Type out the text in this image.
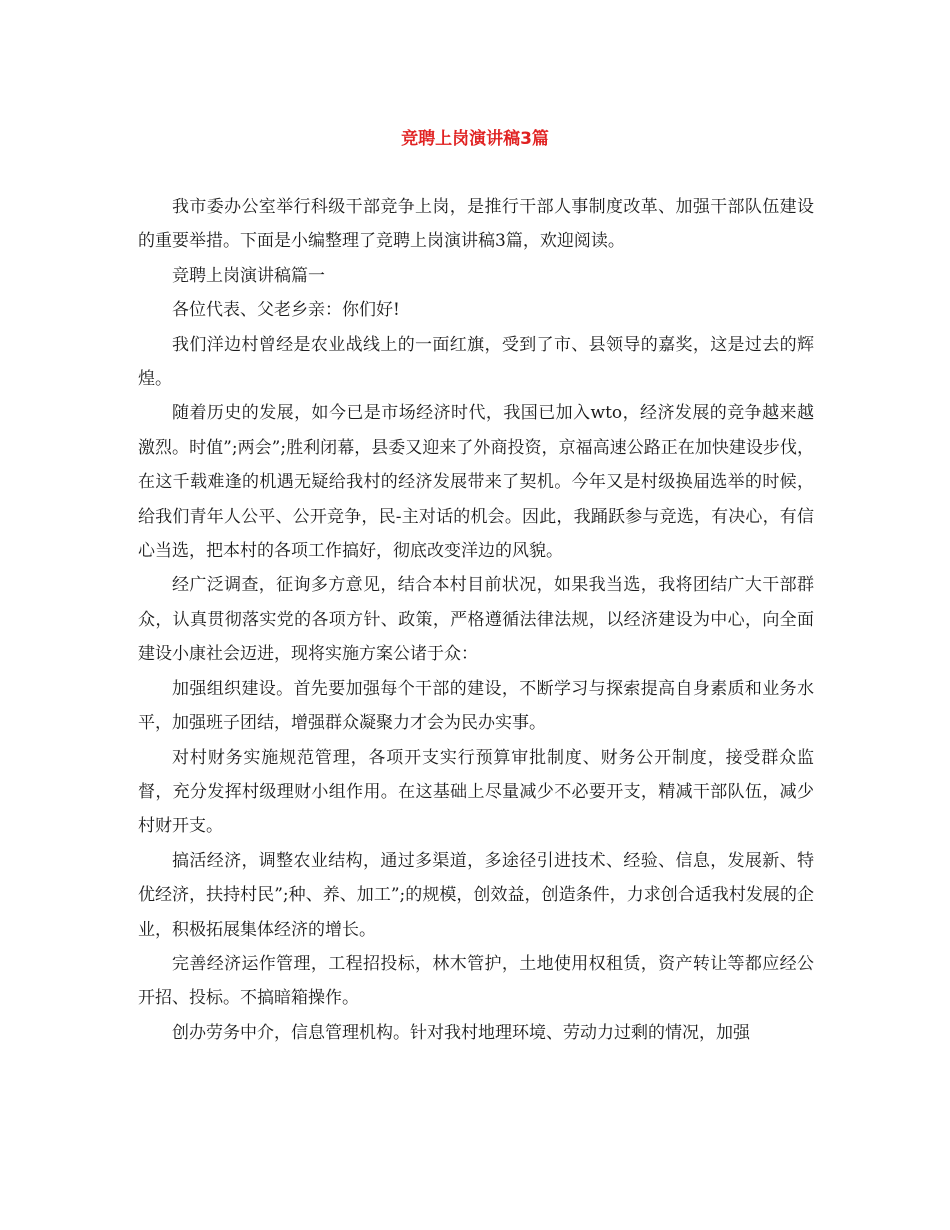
竞聘上岗演讲稿3篇

我市委办公室举行科级干部竞争上岗，是推行干部人事制度改革、加强干部队伍建设的重要举措。下面是小编整理了竞聘上岗演讲稿3篇，欢迎阅读。

竞聘上岗演讲稿篇一

各位代表、父老乡亲：你们好!

我们洋边村曾经是农业战线上的一面红旗，受到了市、县领导的嘉奖，这是过去的辉煌。

随着历史的发展，如今已是市场经济时代，我国已加入wto，经济发展的竞争越来越激烈。时值”;两会”;胜利闭幕，县委又迎来了外商投资，京福高速公路正在加快建设步伐，在这千载难逢的机遇无疑给我村的经济发展带来了契机。今年又是村级换届选举的时候，给我们青年人公平、公开竞争，民-主对话的机会。因此，我踊跃参与竞选，有决心，有信心当选，把本村的各项工作搞好，彻底改变洋边的风貌。

经广泛调查，征询多方意见，结合本村目前状况，如果我当选，我将团结广大干部群众，认真贯彻落实党的各项方针、政策，严格遵循法律法规，以经济建设为中心，向全面建设小康社会迈进，现将实施方案公诸于众：

加强组织建设。首先要加强每个干部的建设，不断学习与探索提高自身素质和业务水平，加强班子团结，增强群众凝聚力才会为民办实事。

对村财务实施规范管理，各项开支实行预算审批制度、财务公开制度，接受群众监督，充分发挥村级理财小组作用。在这基础上尽量减少不必要开支，精减干部队伍，减少村财开支。

搞活经济，调整农业结构，通过多渠道，多途径引进技术、经验、信息，发展新、特优经济，扶持村民”;种、养、加工”;的规模，创效益，创造条件，力求创合适我村发展的企业，积极拓展集体经济的增长。

完善经济运作管理，工程招投标，林木管护，土地使用权租赁，资产转让等都应经公开招、投标。不搞暗箱操作。

创办劳务中介，信息管理机构。针对我村地理环境、劳动力过剩的情况，加强
